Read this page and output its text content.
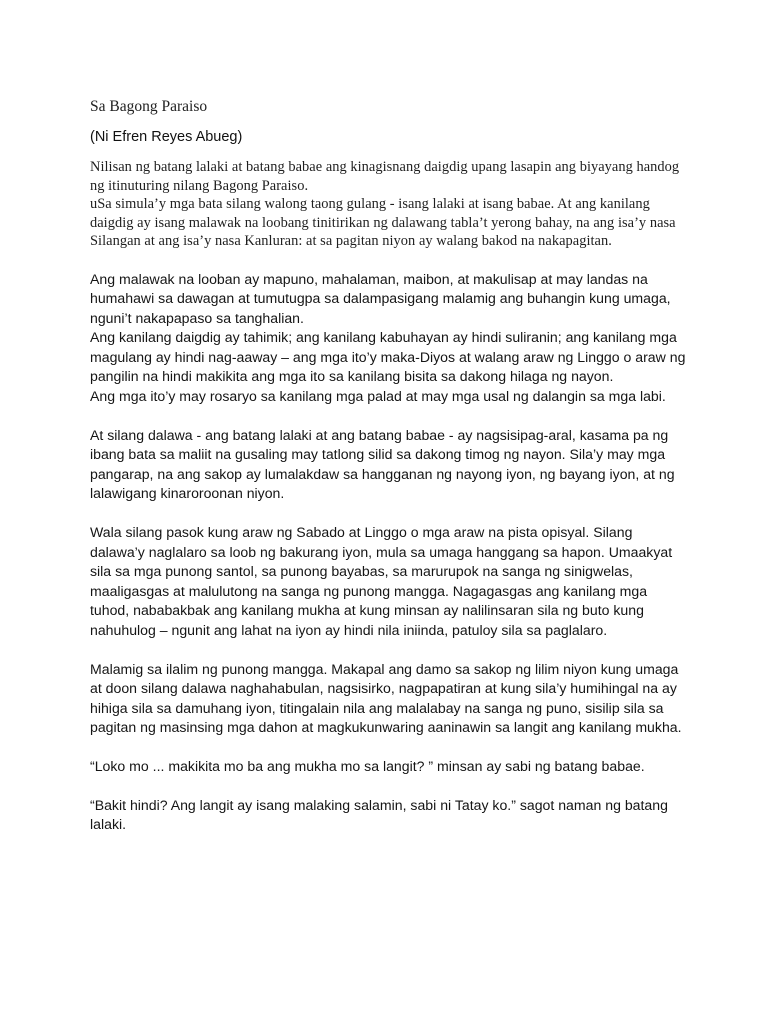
Sa Bagong Paraiso
(Ni Efren Reyes Abueg)

Nilisan ng batang lalaki at batang babae ang kinagisnang daigdig upang lasapin ang biyayang handog ng itinuturing nilang Bagong Paraiso.

uSa simula’y mga bata silang walong taong gulang - isang lalaki at isang babae. At ang kanilang daigdig ay isang malawak na loobang tinitirikan ng dalawang tabla’t yerong bahay, na ang isa’y nasa Silangan at ang isa’y nasa Kanluran: at sa pagitan niyon ay walang bakod na nakapagitan.

Ang malawak na looban ay mapuno, mahalaman, maibon, at makulisap at may landas na humahawi sa dawagan at tumutugpa sa dalampasigang malamig ang buhangin kung umaga, nguni’t nakapapaso sa tanghalian.

Ang kanilang daigdig ay tahimik; ang kanilang kabuhayan ay hindi suliranin; ang kanilang mga magulang ay hindi nag-aaway – ang mga ito’y maka-Diyos at walang araw ng Linggo o araw ng pangilin na hindi makikita ang mga ito sa kanilang bisita sa dakong hilaga ng nayon.

Ang mga ito’y may rosaryo sa kanilang mga palad at may mga usal ng dalangin sa mga labi.

At silang dalawa - ang batang lalaki at ang batang babae - ay nagsisipag-aral, kasama pa ng ibang bata sa maliit na gusaling may tatlong silid sa dakong timog ng nayon. Sila’y may mga pangarap, na ang sakop ay lumalakdaw sa hangganan ng nayong iyon, ng bayang iyon, at ng lalawigang kinaroroonan niyon.

Wala silang pasok kung araw ng Sabado at Linggo o mga araw na pista opisyal. Silang dalawa’y naglalaro sa loob ng bakurang iyon, mula sa umaga hanggang sa hapon. Umaakyat sila sa mga punong santol, sa punong bayabas, sa marurupok na sanga ng sinigwelas, maaligasgas at malulutong na sanga ng punong mangga. Nagagasgas ang kanilang mga tuhod, nababakbak ang kanilang mukha at kung minsan ay nalilinsaran sila ng buto kung nahuhulog – ngunit ang lahat na iyon ay hindi nila iniinda, patuloy sila sa paglalaro.

Malamig sa ilalim ng punong mangga. Makapal ang damo sa sakop ng lilim niyon kung umaga at doon silang dalawa naghahabulan, nagsisirko, nagpapatiran at kung sila’y humihingal na ay hihiga sila sa damuhang iyon, titingalain nila ang malalabay na sanga ng puno, sisilip sila sa pagitan ng masinsing mga dahon at magkukunwaring aaninawin sa langit ang kanilang mukha.

“Loko mo ... makikita mo ba ang mukha mo sa langit? ” minsan ay sabi ng batang babae.

“Bakit hindi? Ang langit ay isang malaking salamin, sabi ni Tatay ko.” sagot naman ng batang lalaki.
